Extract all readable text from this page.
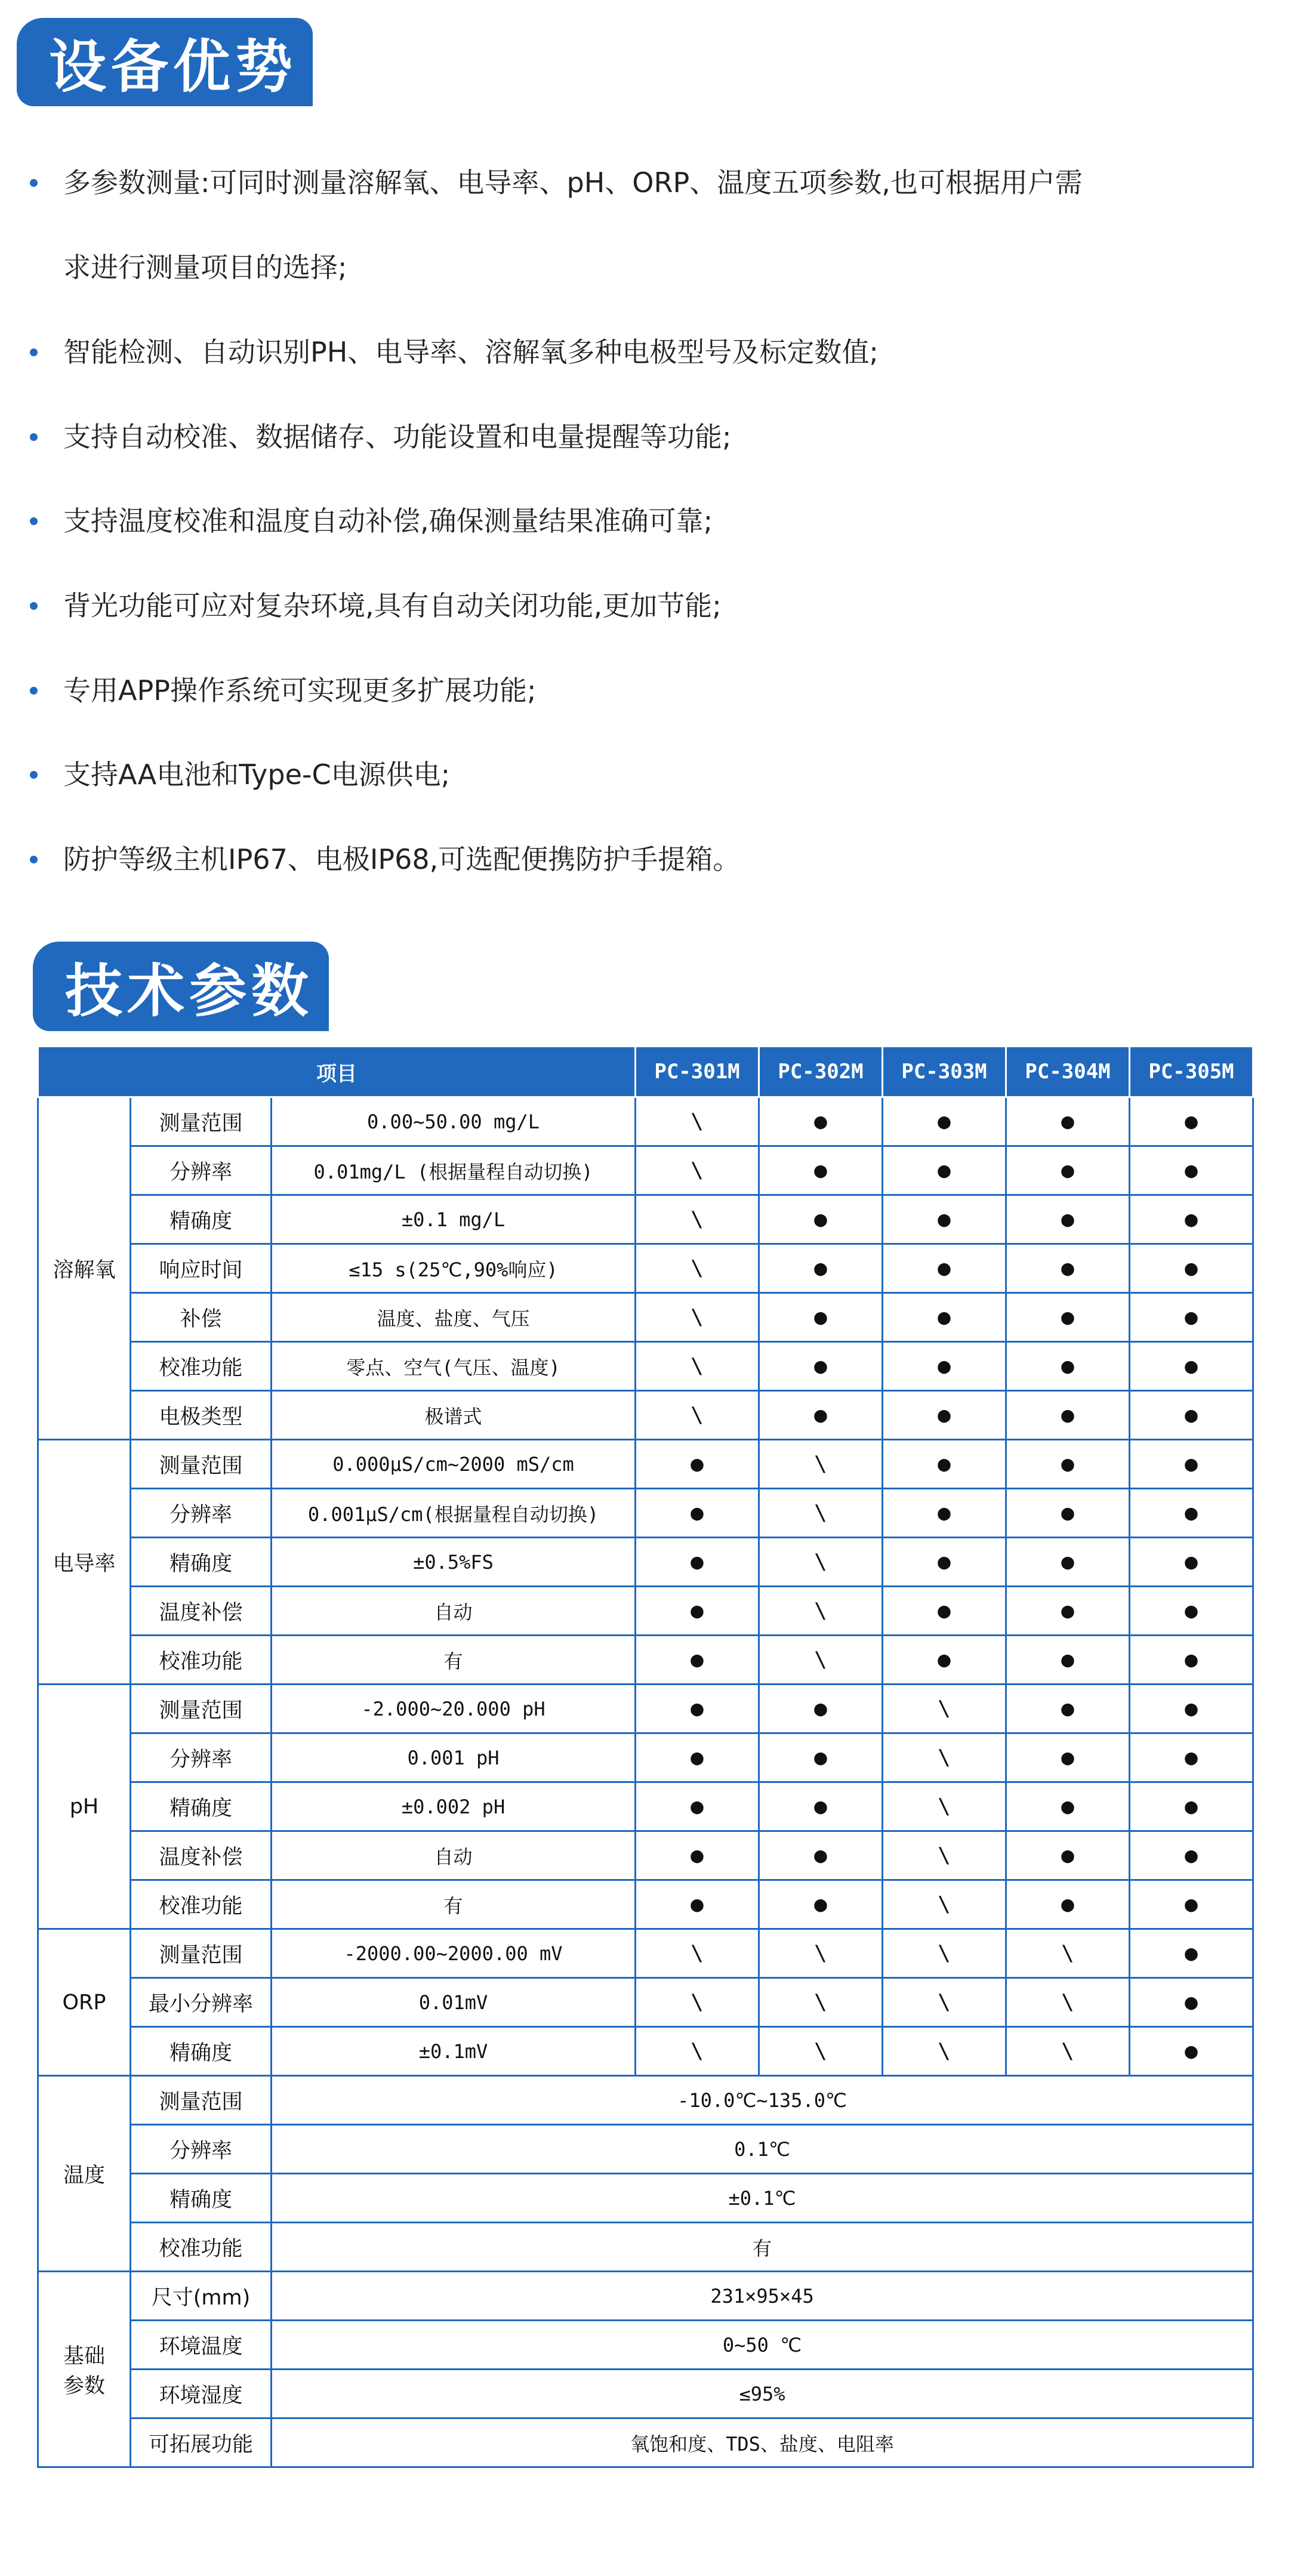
设备优势
多参数测量:可同时测量溶解氧、电导率、pH、ORP、温度五项参数,也可根据用户需
求进行测量项目的选择;
智能检测、自动识别PH、电导率、溶解氧多种电极型号及标定数值;
支持自动校准、数据储存、功能设置和电量提醒等功能;
支持温度校准和温度自动补偿,确保测量结果准确可靠;
背光功能可应对复杂环境,具有自动关闭功能,更加节能;
专用APP操作系统可实现更多扩展功能;
支持AA电池和Type-C电源供电;
防护等级主机IP67、电极IP68,可选配便携防护手提箱。
技术参数
项目			PC-301M	PC-302M	PC-303M	PC-304M	PC-305M
溶解氧	测量范围	0.00~50.00 mg/L	\	●	●	●	●
	分辨率	0.01mg/L (根据量程自动切换)	\	●	●	●	●
	精确度	±0.1 mg/L	\	●	●	●	●
	响应时间	≤15 s(25℃,90%响应)	\	●	●	●	●
	补偿	温度、盐度、气压	\	●	●	●	●
	校准功能	零点、空气(气压、温度)	\	●	●	●	●
	电极类型	极谱式	\	●	●	●	●
电导率	测量范围	0.000μS/cm~2000 mS/cm	●	\	●	●	●
	分辨率	0.001μS/cm(根据量程自动切换)	●	\	●	●	●
	精确度	±0.5%FS	●	\	●	●	●
	温度补偿	自动	●	\	●	●	●
	校准功能	有	●	\	●	●	●
pH	测量范围	-2.000~20.000 pH	●	●	\	●	●
	分辨率	0.001 pH	●	●	\	●	●
	精确度	±0.002 pH	●	●	\	●	●
	温度补偿	自动	●	●	\	●	●
	校准功能	有	●	●	\	●	●
ORP	测量范围	-2000.00~2000.00 mV	\	\	\	\	●
	最小分辨率	0.01mV	\	\	\	\	●
	精确度	±0.1mV	\	\	\	\	●
温度	测量范围	-10.0℃~135.0℃					
	分辨率	0.1℃					
	精确度	±0.1℃					
	校准功能	有					

基础
参数	尺寸(mm)	231×95×45					
	环境温度	0~50 ℃					
	环境湿度	≤95%					
	可拓展功能	氧饱和度、TDS、盐度、电阻率					
